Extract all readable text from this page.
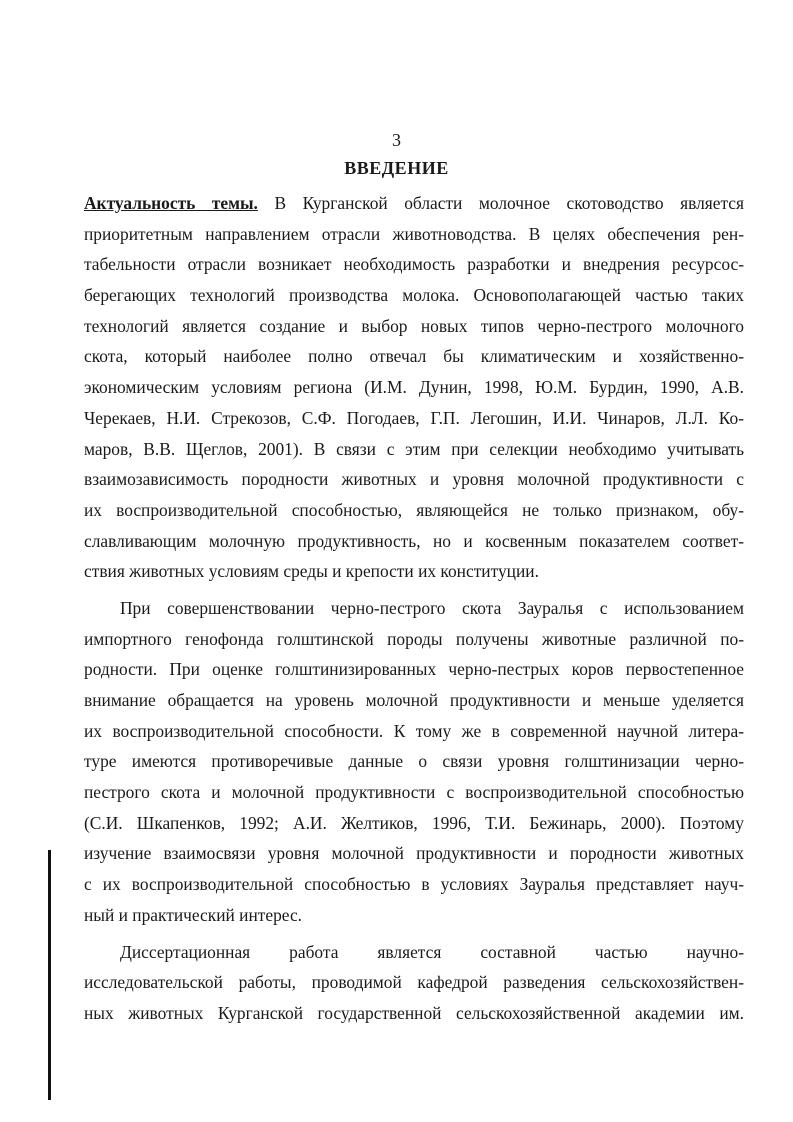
3
ВВЕДЕНИЕ
Актуальность темы. В Курганской области молочное скотоводство является
приоритетным направлением отрасли животноводства. В целях обеспечения рен-
табельности отрасли возникает необходимость разработки и внедрения ресурсос-
берегающих технологий производства молока. Основополагающей частью таких
технологий является создание и выбор новых типов черно-пестрого молочного
скота, который наиболее полно отвечал бы климатическим и хозяйственно-
экономическим условиям региона (И.М. Дунин, 1998, Ю.М. Бурдин, 1990, А.В.
Черекаев, Н.И. Стрекозов, С.Ф. Погодаев, Г.П. Легошин, И.И. Чинаров, Л.Л. Ко-
маров, В.В. Щеглов, 2001). В связи с этим при селекции необходимо учитывать
взаимозависимость породности животных и уровня молочной продуктивности с
их воспроизводительной способностью, являющейся не только признаком, обу-
славливающим молочную продуктивность, но и косвенным показателем соответ-
ствия животных условиям среды и крепости их конституции.
При совершенствовании черно-пестрого скота Зауралья с использованием
импортного генофонда голштинской породы получены животные различной по-
родности. При оценке голштинизированных черно-пестрых коров первостепенное
внимание обращается на уровень молочной продуктивности и меньше уделяется
их воспроизводительной способности. К тому же в современной научной литера-
туре имеются противоречивые данные о связи уровня голштинизации черно-
пестрого скота и молочной продуктивности с воспроизводительной способностью
(С.И. Шкапенков, 1992; А.И. Желтиков, 1996, Т.И. Бежинарь, 2000). Поэтому
изучение взаимосвязи уровня молочной продуктивности и породности животных
с их воспроизводительной способностью в условиях Зауралья представляет науч-
ный и практический интерес.
Диссертационная работа является составной частью научно-
исследовательской работы, проводимой кафедрой разведения сельскохозяйствен-
ных животных Курганской государственной сельскохозяйственной академии им.
